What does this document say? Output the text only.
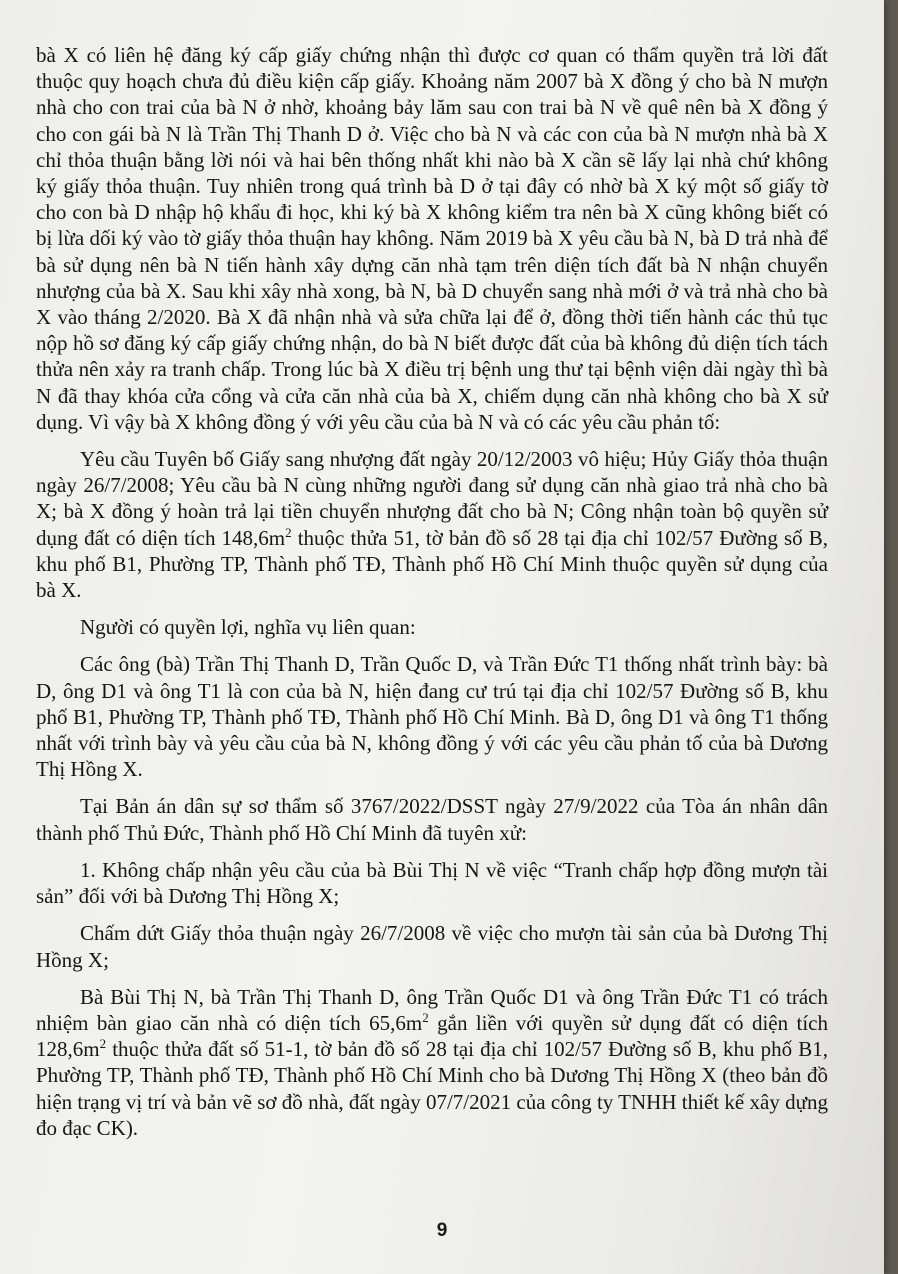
bà X có liên hệ đăng ký cấp giấy chứng nhận thì được cơ quan có thẩm quyền trả lời đất thuộc quy hoạch chưa đủ điều kiện cấp giấy. Khoảng năm 2007 bà X đồng ý cho bà N mượn nhà cho con trai của bà N ở nhờ, khoảng bảy lăm sau con trai bà N về quê nên bà X đồng ý cho con gái bà N là Trần Thị Thanh D ở. Việc cho bà N và các con của bà N mượn nhà bà X chỉ thỏa thuận bằng lời nói và hai bên thống nhất khi nào bà X cần sẽ lấy lại nhà chứ không ký giấy thỏa thuận. Tuy nhiên trong quá trình bà D ở tại đây có nhờ bà X ký một số giấy tờ cho con bà D nhập hộ khẩu đi học, khi ký bà X không kiểm tra nên bà X cũng không biết có bị lừa dối ký vào tờ giấy thỏa thuận hay không. Năm 2019 bà X yêu cầu bà N, bà D trả nhà để bà sử dụng nên bà N tiến hành xây dựng căn nhà tạm trên diện tích đất bà N nhận chuyển nhượng của bà X. Sau khi xây nhà xong, bà N, bà D chuyển sang nhà mới ở và trả nhà cho bà X vào tháng 2/2020. Bà X đã nhận nhà và sửa chữa lại để ở, đồng thời tiến hành các thủ tục nộp hồ sơ đăng ký cấp giấy chứng nhận, do bà N biết được đất của bà không đủ diện tích tách thửa nên xảy ra tranh chấp. Trong lúc bà X điều trị bệnh ung thư tại bệnh viện dài ngày thì bà N đã thay khóa cửa cổng và cửa căn nhà của bà X, chiếm dụng căn nhà không cho bà X sử dụng. Vì vậy bà X không đồng ý với yêu cầu của bà N và có các yêu cầu phản tố:

Yêu cầu Tuyên bố Giấy sang nhượng đất ngày 20/12/2003 vô hiệu; Hủy Giấy thỏa thuận ngày 26/7/2008; Yêu cầu bà N cùng những người đang sử dụng căn nhà giao trả nhà cho bà X; bà X đồng ý hoàn trả lại tiền chuyển nhượng đất cho bà N; Công nhận toàn bộ quyền sử dụng đất có diện tích $148,6m^2$ thuộc thửa 51, tờ bản đồ số 28 tại địa chỉ 102/57 Đường số B, khu phố B1, Phường TP, Thành phố TĐ, Thành phố Hồ Chí Minh thuộc quyền sử dụng của bà X.

Người có quyền lợi, nghĩa vụ liên quan:

Các ông (bà) Trần Thị Thanh D, Trần Quốc D, và Trần Đức T1 thống nhất trình bày: bà D, ông D1 và ông T1 là con của bà N, hiện đang cư trú tại địa chỉ 102/57 Đường số B, khu phố B1, Phường TP, Thành phố TĐ, Thành phố Hồ Chí Minh. Bà D, ông D1 và ông T1 thống nhất với trình bày và yêu cầu của bà N, không đồng ý với các yêu cầu phản tố của bà Dương Thị Hồng X.

Tại Bản án dân sự sơ thẩm số 3767/2022/DSST ngày 27/9/2022 của Tòa án nhân dân thành phố Thủ Đức, Thành phố Hồ Chí Minh đã tuyên xử:

1. Không chấp nhận yêu cầu của bà Bùi Thị N về việc “Tranh chấp hợp đồng mượn tài sản” đối với bà Dương Thị Hồng X;

Chấm dứt Giấy thỏa thuận ngày 26/7/2008 về việc cho mượn tài sản của bà Dương Thị Hồng X;

Bà Bùi Thị N, bà Trần Thị Thanh D, ông Trần Quốc D1 và ông Trần Đức T1 có trách nhiệm bàn giao căn nhà có diện tích $65,6m^2$ gắn liền với quyền sử dụng đất có diện tích $128,6m^2$ thuộc thửa đất số 51-1, tờ bản đồ số 28 tại địa chỉ 102/57 Đường số B, khu phố B1, Phường TP, Thành phố TĐ, Thành phố Hồ Chí Minh cho bà Dương Thị Hồng X (theo bản đồ hiện trạng vị trí và bản vẽ sơ đồ nhà, đất ngày 07/7/2021 của công ty TNHH thiết kế xây dựng đo đạc CK).

9
